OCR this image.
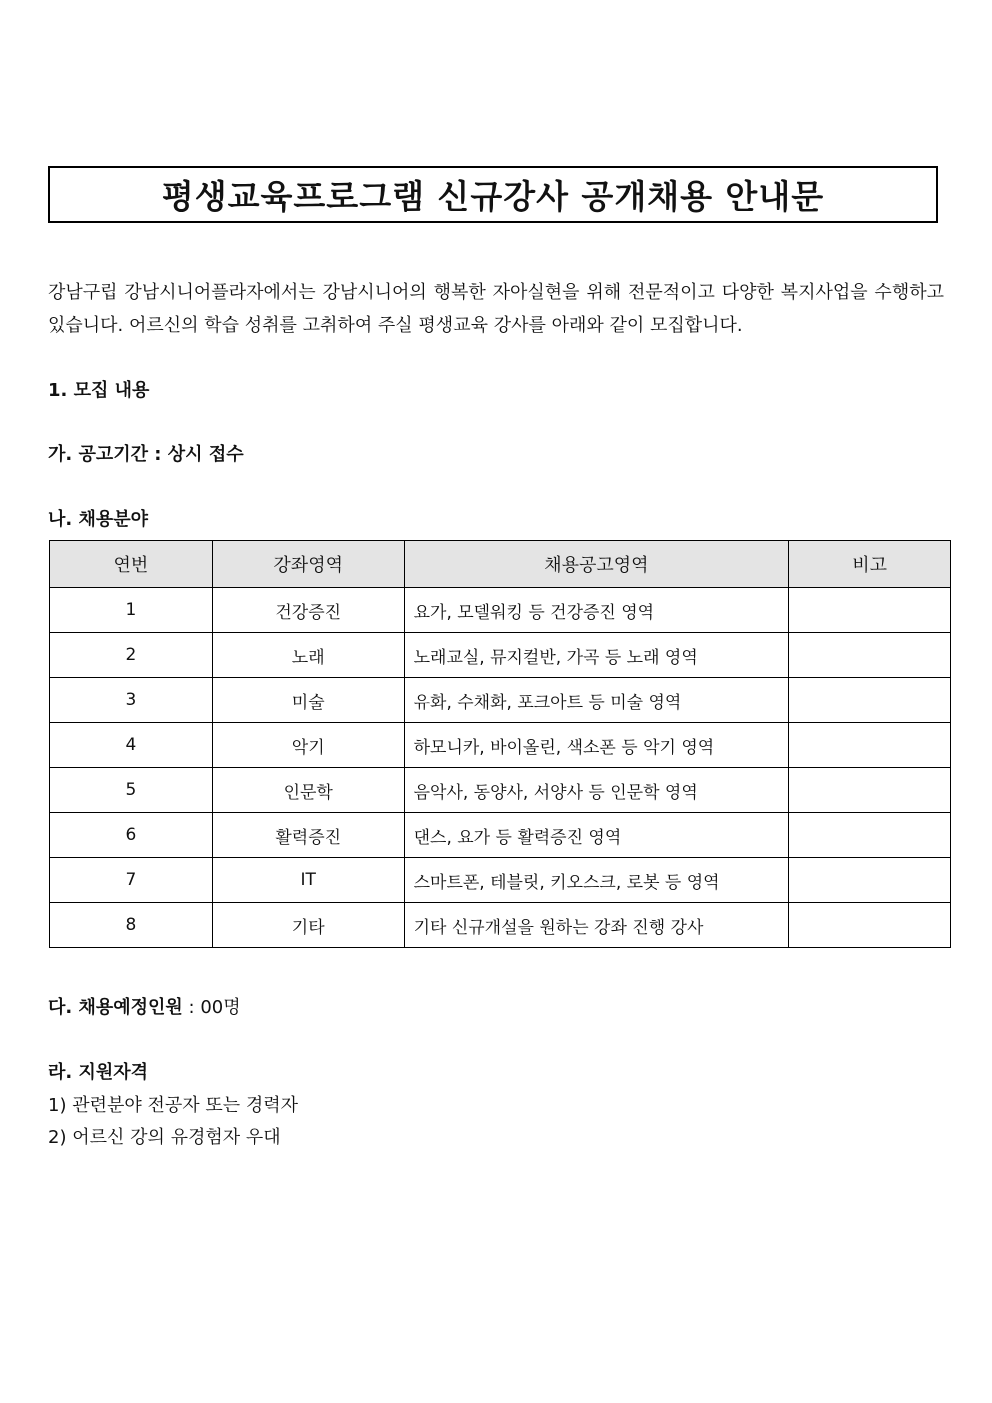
평생교육프로그램 신규강사 공개채용 안내문
강남구립 강남시니어플라자에서는 강남시니어의 행복한 자아실현을 위해 전문적이고 다양한 복지사업을 수행하고 있습니다. 어르신의 학습 성취를 고취하여 주실 평생교육 강사를 아래와 같이 모집합니다.
1. 모집 내용
가. 공고기간 : 상시 접수
나. 채용분야
연번	강좌영역	채용공고영역	비고
1	건강증진	요가, 모델워킹 등 건강증진 영역	
2	노래	노래교실, 뮤지컬반, 가곡 등 노래 영역	
3	미술	유화, 수채화, 포크아트 등 미술 영역	
4	악기	하모니카, 바이올린, 색소폰 등 악기 영역	
5	인문학	음악사, 동양사, 서양사 등 인문학 영역	
6	활력증진	댄스, 요가 등 활력증진 영역	
7	IT	스마트폰, 테블릿, 키오스크, 로봇 등 영역	
8	기타	기타 신규개설을 원하는 강좌 진행 강사	
다. 채용예정인원 : 00명
라. 지원자격
1) 관련분야 전공자 또는 경력자
2) 어르신 강의 유경험자 우대
